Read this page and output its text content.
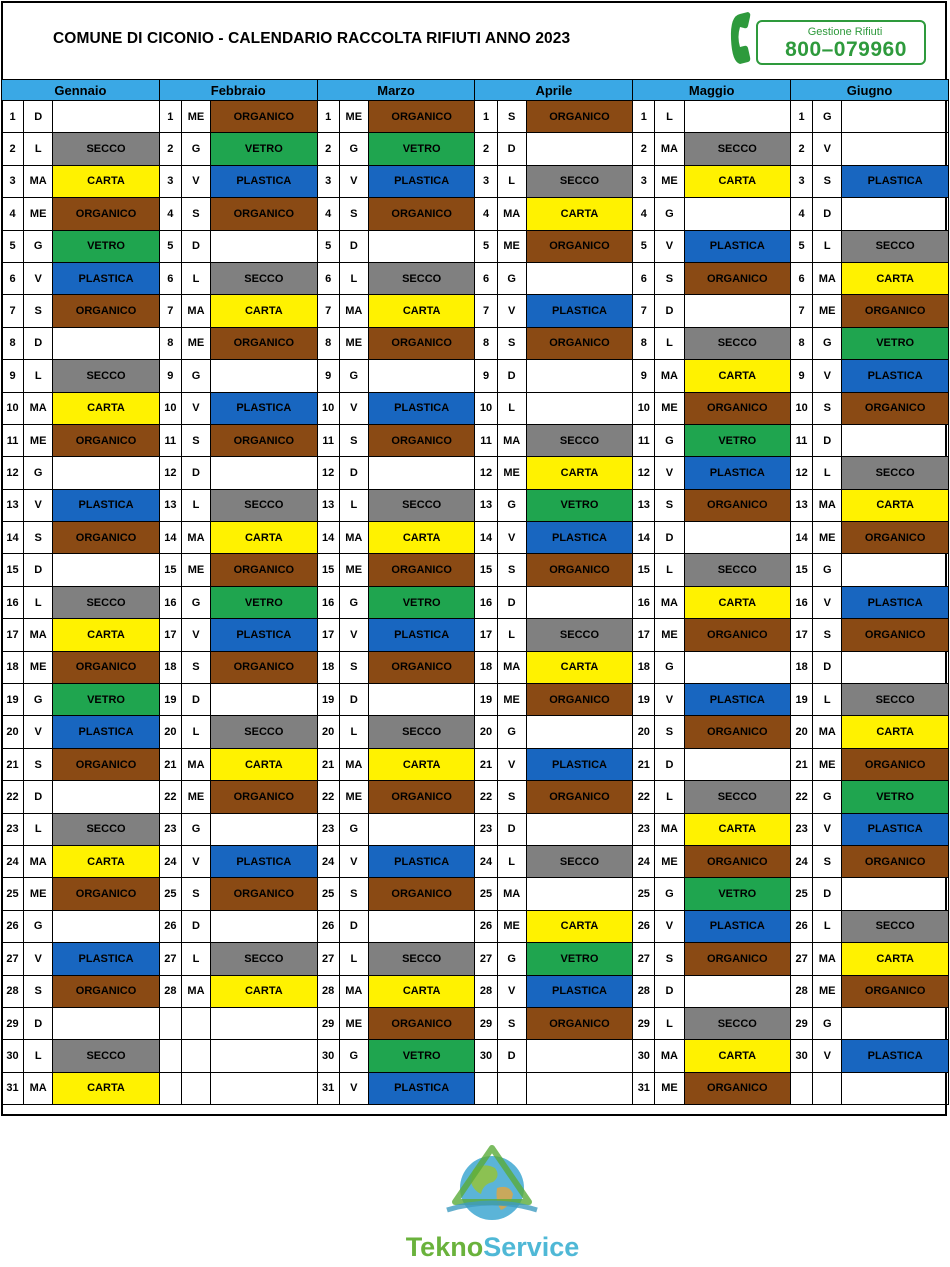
COMUNE DI CICONIO - CALENDARIO RACCOLTA RIFIUTI ANNO 2023	Gestione Rifiuti
800–079960
Gennaio			Febbraio			Marzo			Aprile			Maggio			Giugno		
1	D		1	ME	ORGANICO	1	ME	ORGANICO	1	S	ORGANICO	1	L		1	G	
2	L	SECCO	2	G	VETRO	2	G	VETRO	2	D		2	MA	SECCO	2	V	
3	MA	CARTA	3	V	PLASTICA	3	V	PLASTICA	3	L	SECCO	3	ME	CARTA	3	S	PLASTICA
4	ME	ORGANICO	4	S	ORGANICO	4	S	ORGANICO	4	MA	CARTA	4	G		4	D	
5	G	VETRO	5	D		5	D		5	ME	ORGANICO	5	V	PLASTICA	5	L	SECCO
6	V	PLASTICA	6	L	SECCO	6	L	SECCO	6	G		6	S	ORGANICO	6	MA	CARTA
7	S	ORGANICO	7	MA	CARTA	7	MA	CARTA	7	V	PLASTICA	7	D		7	ME	ORGANICO
8	D		8	ME	ORGANICO	8	ME	ORGANICO	8	S	ORGANICO	8	L	SECCO	8	G	VETRO
9	L	SECCO	9	G		9	G		9	D		9	MA	CARTA	9	V	PLASTICA
10	MA	CARTA	10	V	PLASTICA	10	V	PLASTICA	10	L		10	ME	ORGANICO	10	S	ORGANICO
11	ME	ORGANICO	11	S	ORGANICO	11	S	ORGANICO	11	MA	SECCO	11	G	VETRO	11	D	
12	G		12	D		12	D		12	ME	CARTA	12	V	PLASTICA	12	L	SECCO
13	V	PLASTICA	13	L	SECCO	13	L	SECCO	13	G	VETRO	13	S	ORGANICO	13	MA	CARTA
14	S	ORGANICO	14	MA	CARTA	14	MA	CARTA	14	V	PLASTICA	14	D		14	ME	ORGANICO
15	D		15	ME	ORGANICO	15	ME	ORGANICO	15	S	ORGANICO	15	L	SECCO	15	G	
16	L	SECCO	16	G	VETRO	16	G	VETRO	16	D		16	MA	CARTA	16	V	PLASTICA
17	MA	CARTA	17	V	PLASTICA	17	V	PLASTICA	17	L	SECCO	17	ME	ORGANICO	17	S	ORGANICO
18	ME	ORGANICO	18	S	ORGANICO	18	S	ORGANICO	18	MA	CARTA	18	G		18	D	
19	G	VETRO	19	D		19	D		19	ME	ORGANICO	19	V	PLASTICA	19	L	SECCO
20	V	PLASTICA	20	L	SECCO	20	L	SECCO	20	G		20	S	ORGANICO	20	MA	CARTA
21	S	ORGANICO	21	MA	CARTA	21	MA	CARTA	21	V	PLASTICA	21	D		21	ME	ORGANICO
22	D		22	ME	ORGANICO	22	ME	ORGANICO	22	S	ORGANICO	22	L	SECCO	22	G	VETRO
23	L	SECCO	23	G		23	G		23	D		23	MA	CARTA	23	V	PLASTICA
24	MA	CARTA	24	V	PLASTICA	24	V	PLASTICA	24	L	SECCO	24	ME	ORGANICO	24	S	ORGANICO
25	ME	ORGANICO	25	S	ORGANICO	25	S	ORGANICO	25	MA		25	G	VETRO	25	D	
26	G		26	D		26	D		26	ME	CARTA	26	V	PLASTICA	26	L	SECCO
27	V	PLASTICA	27	L	SECCO	27	L	SECCO	27	G	VETRO	27	S	ORGANICO	27	MA	CARTA
28	S	ORGANICO	28	MA	CARTA	28	MA	CARTA	28	V	PLASTICA	28	D		28	ME	ORGANICO
29	D					29	ME	ORGANICO	29	S	ORGANICO	29	L	SECCO	29	G	
30	L	SECCO				30	G	VETRO	30	D		30	MA	CARTA	30	V	PLASTICA
31	MA	CARTA				31	V	PLASTICA				31	ME	ORGANICO			
TeknoService
